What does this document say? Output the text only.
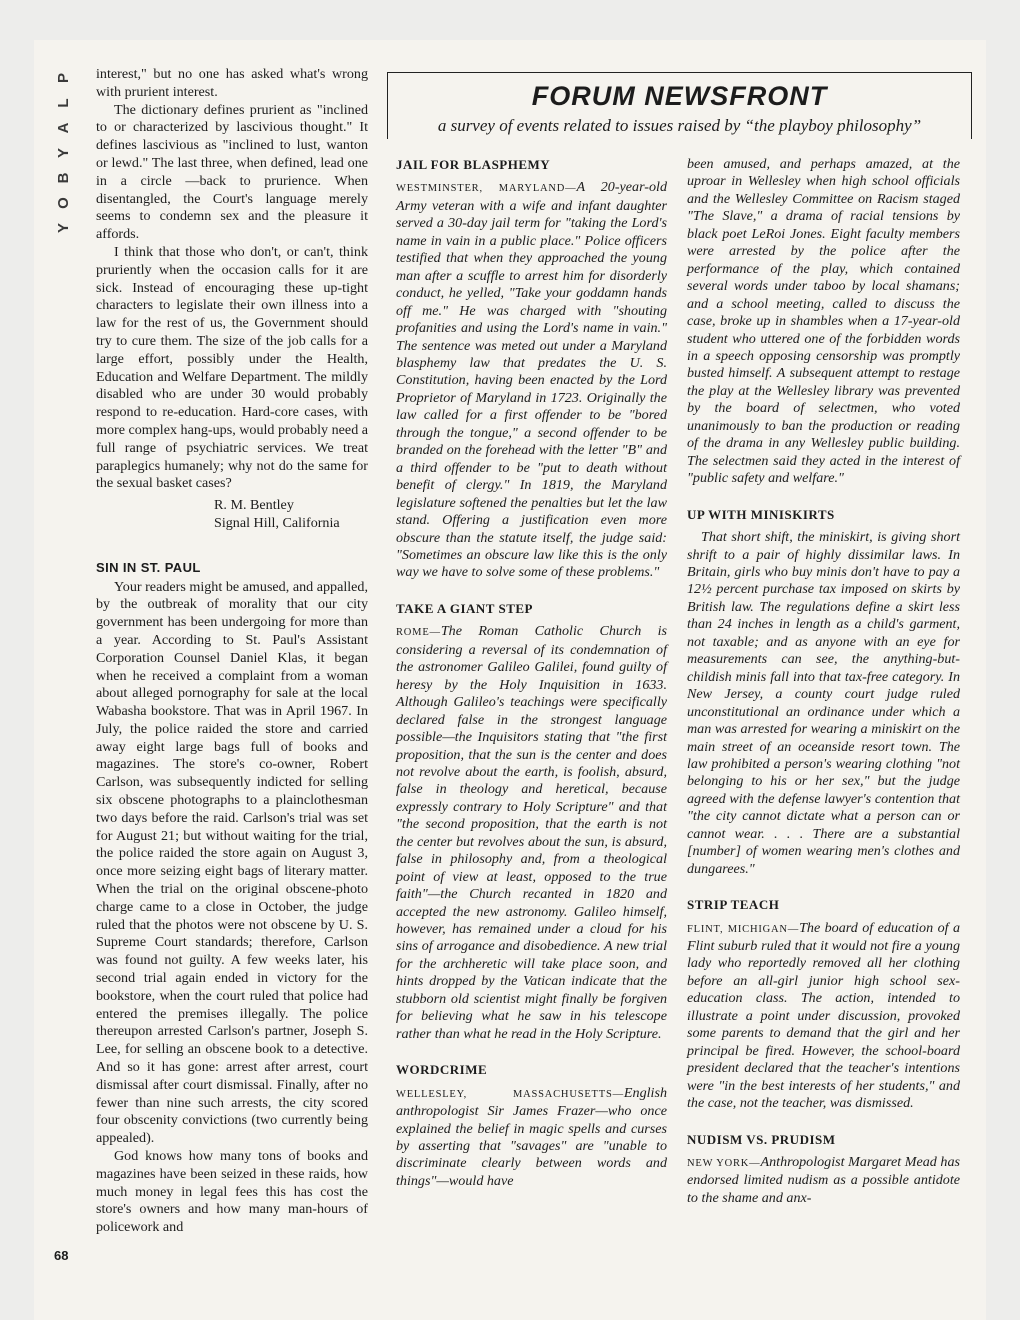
P
L
A
Y
B
O
Y
68

interest," but no one has asked what's wrong with prurient interest.

The dictionary defines prurient as "inclined to or characterized by lascivious thought." It defines lascivious as "inclined to lust, wanton or lewd." The last three, when defined, lead one in a circle —back to prurience. When disentangled, the Court's language merely seems to condemn sex and the pleasure it affords.

I think that those who don't, or can't, think pruriently when the occasion calls for it are sick. Instead of encouraging these up-tight characters to legislate their own illness into a law for the rest of us, the Government should try to cure them. The size of the job calls for a large effort, possibly under the Health, Education and Welfare Department. The mildly disabled who are under 30 would probably respond to re-education. Hard-core cases, with more complex hang-ups, would probably need a full range of psychiatric services. We treat paraplegics humanely; why not do the same for the sexual basket cases?

R. M. Bentley

Signal Hill, California

SIN IN ST. PAUL

Your readers might be amused, and appalled, by the outbreak of morality that our city government has been undergoing for more than a year. According to St. Paul's Assistant Corporation Counsel Daniel Klas, it began when he received a complaint from a woman about alleged pornography for sale at the local Wabasha bookstore. That was in April 1967. In July, the police raided the store and carried away eight large bags full of books and magazines. The store's co-owner, Robert Carlson, was subsequently indicted for selling six obscene photographs to a plainclothesman two days before the raid. Carlson's trial was set for August 21; but without waiting for the trial, the police raided the store again on August 3, once more seizing eight bags of literary matter. When the trial on the original obscene-photo charge came to a close in October, the judge ruled that the photos were not obscene by U. S. Supreme Court standards; therefore, Carlson was found not guilty. A few weeks later, his second trial again ended in victory for the bookstore, when the court ruled that police had entered the premises illegally. The police thereupon arrested Carlson's partner, Joseph S. Lee, for selling an obscene book to a detective. And so it has gone: arrest after arrest, court dismissal after court dismissal. Finally, after no fewer than nine such arrests, the city scored four obscenity convictions (two currently being appealed).

God knows how many tons of books and magazines have been seized in these raids, how much money in legal fees this has cost the store's owners and how many man-hours of policework and

FORUM NEWSFRONT
a survey of events related to issues raised by “the playboy philosophy”
JAIL FOR BLASPHEMY

WESTMINSTER, MARYLAND—A 20-year-old Army veteran with a wife and infant daughter served a 30-day jail term for "taking the Lord's name in vain in a public place." Police officers testified that when they approached the young man after a scuffle to arrest him for disorderly conduct, he yelled, "Take your goddamn hands off me." He was charged with "shouting profanities and using the Lord's name in vain." The sentence was meted out under a Maryland blasphemy law that predates the U. S. Constitution, having been enacted by the Lord Proprietor of Maryland in 1723. Originally the law called for a first offender to be "bored through the tongue," a second offender to be branded on the forehead with the letter "B" and a third offender to be "put to death without benefit of clergy." In 1819, the Maryland legislature softened the penalties but let the law stand. Offering a justification even more obscure than the statute itself, the judge said: "Sometimes an obscure law like this is the only way we have to solve some of these problems."

TAKE A GIANT STEP

ROME—The Roman Catholic Church is considering a reversal of its condemnation of the astronomer Galileo Galilei, found guilty of heresy by the Holy Inquisition in 1633. Although Galileo's teachings were specifically declared false in the strongest language possible—the Inquisitors stating that "the first proposition, that the sun is the center and does not revolve about the earth, is foolish, absurd, false in theology and heretical, because expressly contrary to Holy Scripture" and that "the second proposition, that the earth is not the center but revolves about the sun, is absurd, false in philosophy and, from a theological point of view at least, opposed to the true faith"—the Church recanted in 1820 and accepted the new astronomy. Galileo himself, however, has remained under a cloud for his sins of arrogance and disobedience. A new trial for the archheretic will take place soon, and hints dropped by the Vatican indicate that the stubborn old scientist might finally be forgiven for believing what he saw in his telescope rather than what he read in the Holy Scripture.

WORDCRIME

WELLESLEY, MASSACHUSETTS—English anthropologist Sir James Frazer—who once explained the belief in magic spells and curses by asserting that "savages" are "unable to discriminate clearly between words and things"—would have

been amused, and perhaps amazed, at the uproar in Wellesley when high school officials and the Wellesley Committee on Racism staged "The Slave," a drama of racial tensions by black poet LeRoi Jones. Eight faculty members were arrested by the police after the performance of the play, which contained several words under taboo by local shamans; and a school meeting, called to discuss the case, broke up in shambles when a 17-year-old student who uttered one of the forbidden words in a speech opposing censorship was promptly busted himself. A subsequent attempt to restage the play at the Wellesley library was prevented by the board of selectmen, who voted unanimously to ban the production or reading of the drama in any Wellesley public building. The selectmen said they acted in the interest of "public safety and welfare."

UP WITH MINISKIRTS

That short shift, the miniskirt, is giving short shrift to a pair of highly dissimilar laws. In Britain, girls who buy minis don't have to pay a 12½ percent purchase tax imposed on skirts by British law. The regulations define a skirt less than 24 inches in length as a child's garment, not taxable; and as anyone with an eye for measurements can see, the anything-but-childish minis fall into that tax-free category. In New Jersey, a county court judge ruled unconstitutional an ordinance under which a man was arrested for wearing a miniskirt on the main street of an oceanside resort town. The law prohibited a person's wearing clothing "not belonging to his or her sex," but the judge agreed with the defense lawyer's contention that "the city cannot dictate what a person can or cannot wear. . . . There are a substantial [number] of women wearing men's clothes and dungarees."

STRIP TEACH

FLINT, MICHIGAN—The board of education of a Flint suburb ruled that it would not fire a young lady who reportedly removed all her clothing before an all-girl junior high school sex-education class. The action, intended to illustrate a point under discussion, provoked some parents to demand that the girl and her principal be fired. However, the school-board president declared that the teacher's intentions were "in the best interests of her students," and the case, not the teacher, was dismissed.

NUDISM VS. PRUDISM

NEW YORK—Anthropologist Margaret Mead has endorsed limited nudism as a possible antidote to the shame and anx-
